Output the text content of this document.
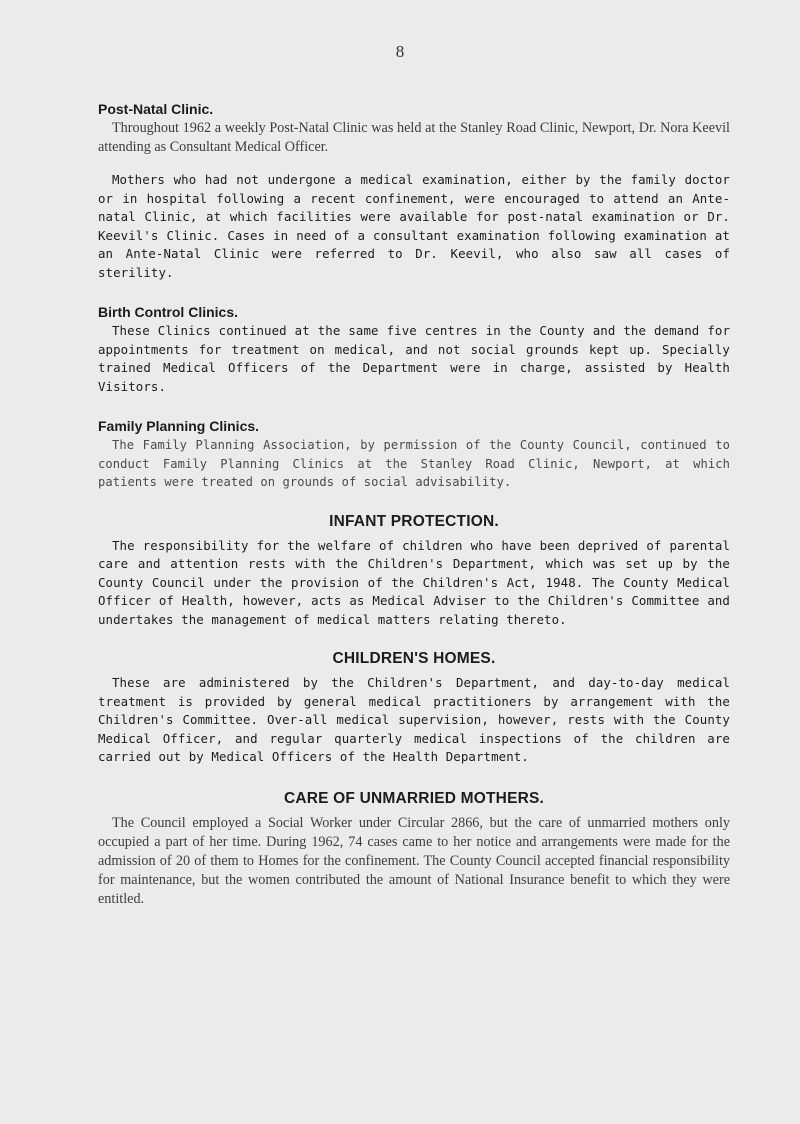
8
Post-Natal Clinic.

Throughout 1962 a weekly Post-Natal Clinic was held at the Stanley Road Clinic, Newport, Dr. Nora Keevil attending as Consultant Medical Officer.

Mothers who had not undergone a medical examination, either by the family doctor or in hospital following a recent confinement, were encouraged to attend an Ante-natal Clinic, at which facilities were available for post-natal examination or Dr. Keevil's Clinic. Cases in need of a consultant examination following examination at an Ante-Natal Clinic were referred to Dr. Keevil, who also saw all cases of sterility.

Birth Control Clinics.

These Clinics continued at the same five centres in the County and the demand for appointments for treatment on medical, and not social grounds kept up. Specially trained Medical Officers of the Department were in charge, assisted by Health Visitors.

Family Planning Clinics.

The Family Planning Association, by permission of the County Council, continued to conduct Family Planning Clinics at the Stanley Road Clinic, Newport, at which patients were treated on grounds of social advisability.

INFANT PROTECTION.

The responsibility for the welfare of children who have been deprived of parental care and attention rests with the Children's Department, which was set up by the County Council under the provision of the Children's Act, 1948. The County Medical Officer of Health, however, acts as Medical Adviser to the Children's Committee and undertakes the management of medical matters relating thereto.

CHILDREN'S HOMES.

These are administered by the Children's Department, and day-to-day medical treatment is provided by general medical practitioners by arrangement with the Children's Committee. Over-all medical supervision, however, rests with the County Medical Officer, and regular quarterly medical inspections of the children are carried out by Medical Officers of the Health Department.

CARE OF UNMARRIED MOTHERS.

The Council employed a Social Worker under Circular 2866, but the care of unmarried mothers only occupied a part of her time. During 1962, 74 cases came to her notice and arrangements were made for the admission of 20 of them to Homes for the confinement. The County Council accepted financial responsibility for maintenance, but the women contributed the amount of National Insurance benefit to which they were entitled.
